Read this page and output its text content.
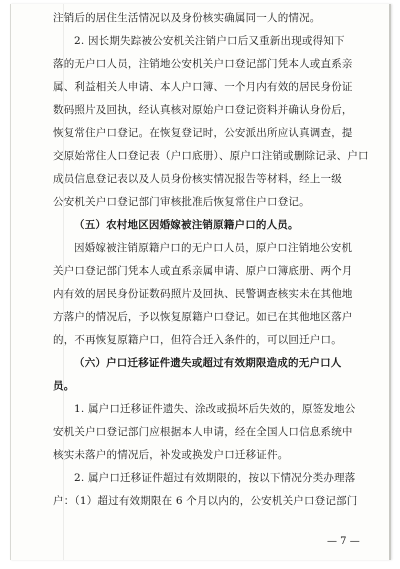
注销后的居住生活情况以及身份核实确属同一人的情况。
2. 因长期失踪被公安机关注销户口后又重新出现或得知下
落的无户口人员，注销地公安机关户口登记部门凭本人或直系亲
属、利益相关人申请、本人户口簿、一个月内有效的居民身份证
数码照片及回执，经认真核对原始户口登记资料并确认身份后，
恢复常住户口登记。在恢复登记时，公安派出所应认真调查，提
交原始常住人口登记表（户口底册）、原户口注销或删除记录、户口
成员信息登记表以及人员身份核实情况报告等材料，经上一级
公安机关户口登记部门审核批准后恢复常住户口登记。
（五）农村地区因婚嫁被注销原籍户口的人员。
因婚嫁被注销原籍户口的无户口人员，原户口注销地公安机
关户口登记部门凭本人或直系亲属申请、原户口簿底册、两个月
内有效的居民身份证数码照片及回执、民警调查核实未在其他地
方落户的情况后，予以恢复原籍户口登记。如已在其他地区落户
的，不再恢复原籍户口，但符合迁入条件的，可以回迁户口。
（六）户口迁移证件遗失或超过有效期限造成的无户口人
员。
1. 属户口迁移证件遗失、涂改或损坏后失效的，原签发地公
安机关户口登记部门应根据本人申请，经在全国人口信息系统中
核实未落户的情况后，补发或换发户口迁移证件。
2. 属户口迁移证件超过有效期限的，按以下情况分类办理落
户：（1）超过有效期限在 6 个月以内的，公安机关户口登记部门
— 7 —
